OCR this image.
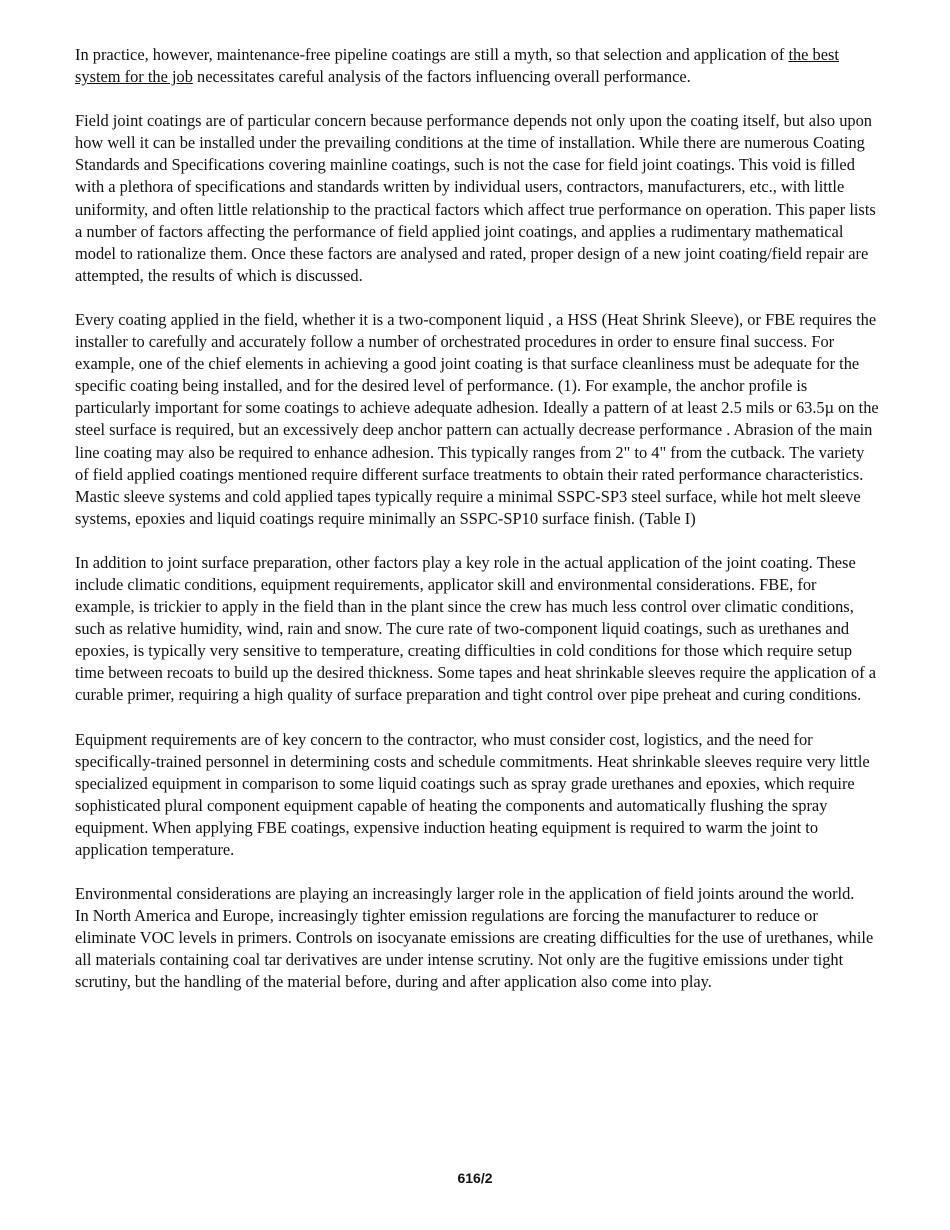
In practice, however, maintenance-free pipeline coatings are still a myth, so that selection and application of the best system for the job necessitates careful analysis of the factors influencing overall performance.

Field joint coatings are of particular concern because performance depends not only upon the coating itself, but also upon how well it can be installed under the prevailing conditions at the time of installation. While there are numerous Coating Standards and Specifications covering mainline coatings, such is not the case for field joint coatings. This void is filled with a plethora of specifications and standards written by individual users, contractors, manufacturers, etc., with little uniformity, and often little relationship to the practical factors which affect true performance on operation. This paper lists a number of factors affecting the performance of field applied joint coatings, and applies a rudimentary mathematical model to rationalize them. Once these factors are analysed and rated, proper design of a new joint coating/field repair are attempted, the results of which is discussed.

Every coating applied in the field, whether it is a two-component liquid , a HSS (Heat Shrink Sleeve), or FBE requires the installer to carefully and accurately follow a number of orchestrated procedures in order to ensure final success. For example, one of the chief elements in achieving a good joint coating is that surface cleanliness must be adequate for the specific coating being installed, and for the desired level of performance. (1). For example, the anchor profile is particularly important for some coatings to achieve adequate adhesion. Ideally a pattern of at least 2.5 mils or 63.5µ on the steel surface is required, but an excessively deep anchor pattern can actually decrease performance . Abrasion of the main line coating may also be required to enhance adhesion. This typically ranges from 2" to 4" from the cutback. The variety of field applied coatings mentioned require different surface treatments to obtain their rated performance characteristics. Mastic sleeve systems and cold applied tapes typically require a minimal SSPC-SP3 steel surface, while hot melt sleeve systems, epoxies and liquid coatings require minimally an SSPC-SP10 surface finish. (Table I)

In addition to joint surface preparation, other factors play a key role in the actual application of the joint coating. These include climatic conditions, equipment requirements, applicator skill and environmental considerations. FBE, for example, is trickier to apply in the field than in the plant since the crew has much less control over climatic conditions, such as relative humidity, wind, rain and snow. The cure rate of two-component liquid coatings, such as urethanes and epoxies, is typically very sensitive to temperature, creating difficulties in cold conditions for those which require setup time between recoats to build up the desired thickness. Some tapes and heat shrinkable sleeves require the application of a curable primer, requiring a high quality of surface preparation and tight control over pipe preheat and curing conditions.

Equipment requirements are of key concern to the contractor, who must consider cost, logistics, and the need for specifically-trained personnel in determining costs and schedule commitments. Heat shrinkable sleeves require very little specialized equipment in comparison to some liquid coatings such as spray grade urethanes and epoxies, which require sophisticated plural component equipment capable of heating the components and automatically flushing the spray equipment. When applying FBE coatings, expensive induction heating equipment is required to warm the joint to application temperature.

Environmental considerations are playing an increasingly larger role in the application of field joints around the world.

In North America and Europe, increasingly tighter emission regulations are forcing the manufacturer to reduce or eliminate VOC levels in primers. Controls on isocyanate emissions are creating difficulties for the use of urethanes, while all materials containing coal tar derivatives are under intense scrutiny. Not only are the fugitive emissions under tight scrutiny, but the handling of the material before, during and after application also come into play.

616/2
